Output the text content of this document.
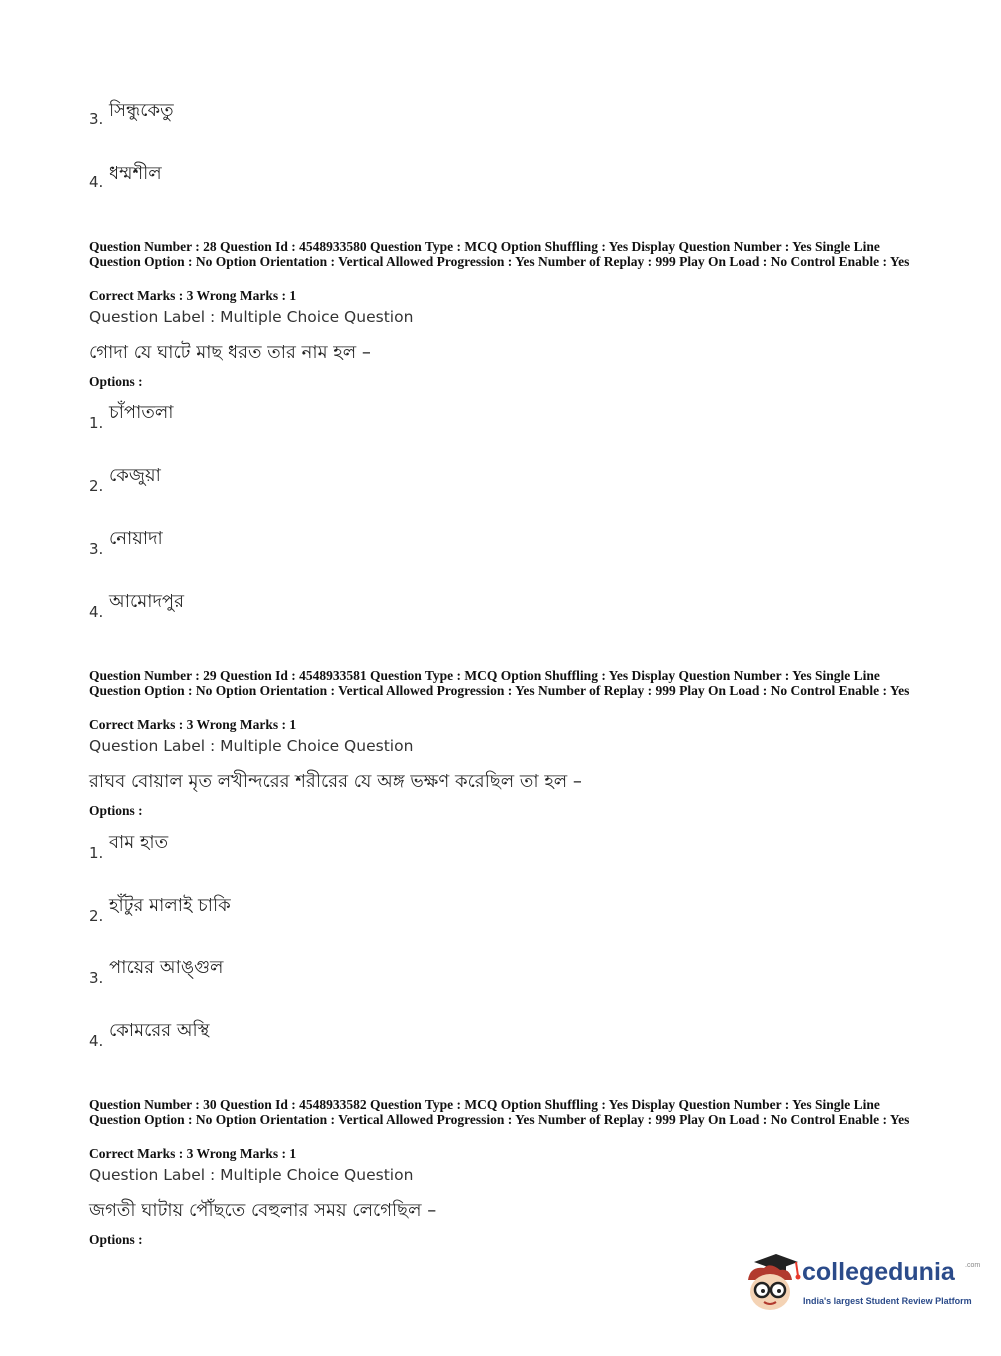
3. সিন্ধুকেতু
4. ধম্মশীল
Question Number : 28 Question Id : 4548933580 Question Type : MCQ Option Shuffling : Yes Display Question Number : Yes Single Line Question Option : No Option Orientation : Vertical Allowed Progression : Yes Number of Replay : 999 Play On Load : No Control Enable : Yes
Correct Marks : 3 Wrong Marks : 1
Question Label : Multiple Choice Question
গোদা যে ঘাটে মাছ ধরত তার নাম হল –
Options :
1. চাঁপাতলা
2. কেজুয়া
3. নোয়াদা
4. আমোদপুর
Question Number : 29 Question Id : 4548933581 Question Type : MCQ Option Shuffling : Yes Display Question Number : Yes Single Line Question Option : No Option Orientation : Vertical Allowed Progression : Yes Number of Replay : 999 Play On Load : No Control Enable : Yes
Correct Marks : 3 Wrong Marks : 1
Question Label : Multiple Choice Question
রাঘব বোয়াল মৃত লখীন্দরের শরীরের যে অঙ্গ ভক্ষণ করেছিল তা হল –
Options :
1. বাম হাত
2. হাঁটুর মালাই চাকি
3. পায়ের আঙ্গুল
4. কোমরের অস্থি
Question Number : 30 Question Id : 4548933582 Question Type : MCQ Option Shuffling : Yes Display Question Number : Yes Single Line Question Option : No Option Orientation : Vertical Allowed Progression : Yes Number of Replay : 999 Play On Load : No Control Enable : Yes
Correct Marks : 3 Wrong Marks : 1
Question Label : Multiple Choice Question
জগতী ঘাটায় পৌঁছতে বেহুলার সময় লেগেছিল –
Options :
collegedunia .com
India's largest Student Review Platform
